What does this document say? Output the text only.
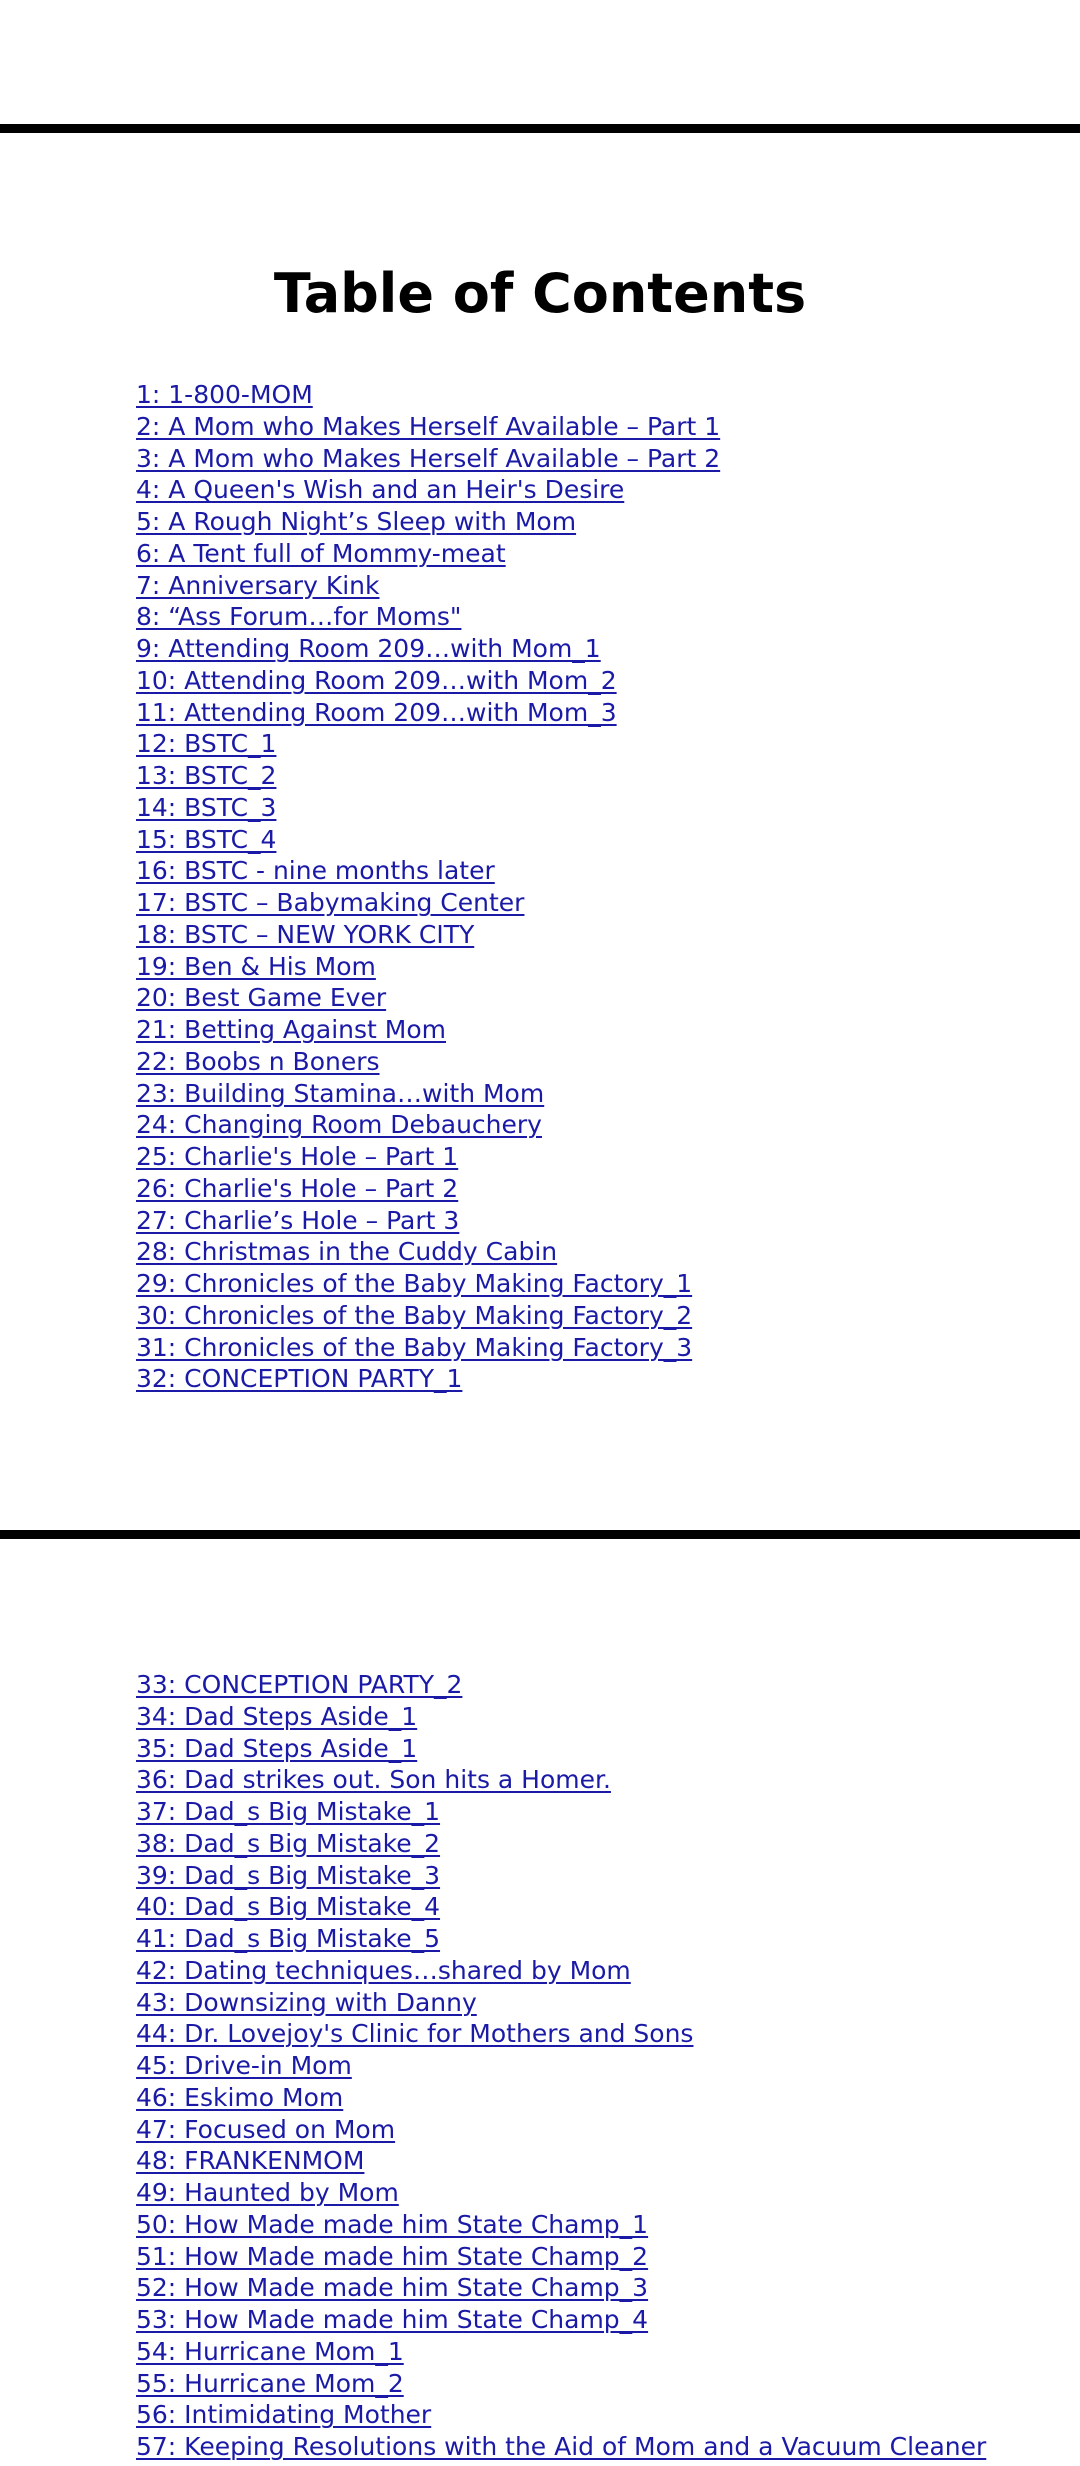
Table of Contents
1: 1-800-MOM
2: A Mom who Makes Herself Available – Part 1
3: A Mom who Makes Herself Available – Part 2
4: A Queen's Wish and an Heir's Desire
5: A Rough Night’s Sleep with Mom
6: A Tent full of Mommy-meat
7: Anniversary Kink
8: “Ass Forum…for Moms"
9: Attending Room 209…with Mom_1
10: Attending Room 209…with Mom_2
11: Attending Room 209…with Mom_3
12: BSTC_1
13: BSTC_2
14: BSTC_3
15: BSTC_4
16: BSTC - nine months later
17: BSTC – Babymaking Center
18: BSTC – NEW YORK CITY
19: Ben & His Mom
20: Best Game Ever
21: Betting Against Mom
22: Boobs n Boners
23: Building Stamina…with Mom
24: Changing Room Debauchery
25: Charlie's Hole – Part 1
26: Charlie's Hole – Part 2
27: Charlie’s Hole – Part 3
28: Christmas in the Cuddy Cabin
29: Chronicles of the Baby Making Factory_1
30: Chronicles of the Baby Making Factory_2
31: Chronicles of the Baby Making Factory_3
32: CONCEPTION PARTY_1
33: CONCEPTION PARTY_2
34: Dad Steps Aside_1
35: Dad Steps Aside_1
36: Dad strikes out. Son hits a Homer.
37: Dad_s Big Mistake_1
38: Dad_s Big Mistake_2
39: Dad_s Big Mistake_3
40: Dad_s Big Mistake_4
41: Dad_s Big Mistake_5
42: Dating techniques…shared by Mom
43: Downsizing with Danny
44: Dr. Lovejoy's Clinic for Mothers and Sons
45: Drive-in Mom
46: Eskimo Mom
47: Focused on Mom
48: FRANKENMOM
49: Haunted by Mom
50: How Made made him State Champ_1
51: How Made made him State Champ_2
52: How Made made him State Champ_3
53: How Made made him State Champ_4
54: Hurricane Mom_1
55: Hurricane Mom_2
56: Intimidating Mother
57: Keeping Resolutions with the Aid of Mom and a Vacuum Cleaner
